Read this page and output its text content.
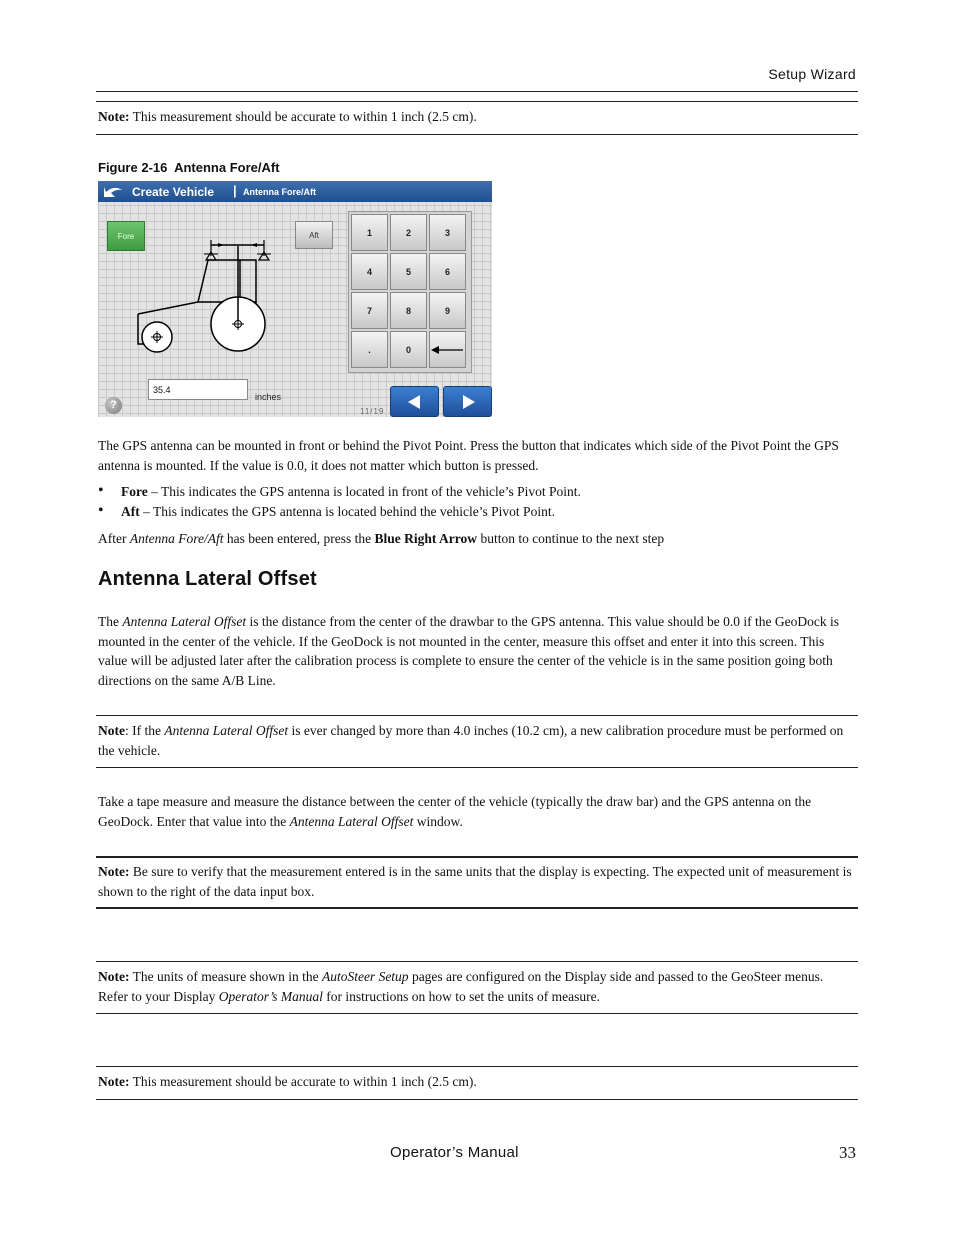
Setup Wizard
Note: This measurement should be accurate to within 1 inch (2.5 cm).
Figure 2-16  Antenna Fore/Aft
Create Vehicle | Antenna Fore/Aft
Fore	Aft	1	2	3
4	5	6
7	8	9
.	0
35.4
inches
?
11/19
The GPS antenna can be mounted in front or behind the Pivot Point. Press the button that indicates which side of the Pivot Point the GPS antenna is mounted. If the value is 0.0, it does not matter which button is pressed.
• Fore – This indicates the GPS antenna is located in front of the vehicle’s Pivot Point.
• Aft – This indicates the GPS antenna is located behind the vehicle’s Pivot Point.
After Antenna Fore/Aft has been entered, press the Blue Right Arrow button to continue to the next step
Antenna Lateral Offset
The Antenna Lateral Offset is the distance from the center of the drawbar to the GPS antenna. This value should be 0.0 if the GeoDock is mounted in the center of the vehicle. If the GeoDock is not mounted in the center, measure this offset and enter it into this screen. This value will be adjusted later after the calibration process is complete to ensure the center of the vehicle is in the same position going both directions on the same A/B Line.
Note: If the Antenna Lateral Offset is ever changed by more than 4.0 inches (10.2 cm), a new calibration procedure must be performed on the vehicle.
Take a tape measure and measure the distance between the center of the vehicle (typically the draw bar) and the GPS antenna on the GeoDock. Enter that value into the Antenna Lateral Offset window.
Note: Be sure to verify that the measurement entered is in the same units that the display is expecting. The expected unit of measurement is shown to the right of the data input box.
Note: The units of measure shown in the AutoSteer Setup pages are configured on the Display side and passed to the GeoSteer menus. Refer to your Display Operator’s Manual for instructions on how to set the units of measure.
Note: This measurement should be accurate to within 1 inch (2.5 cm).
Operator’s Manual	33
